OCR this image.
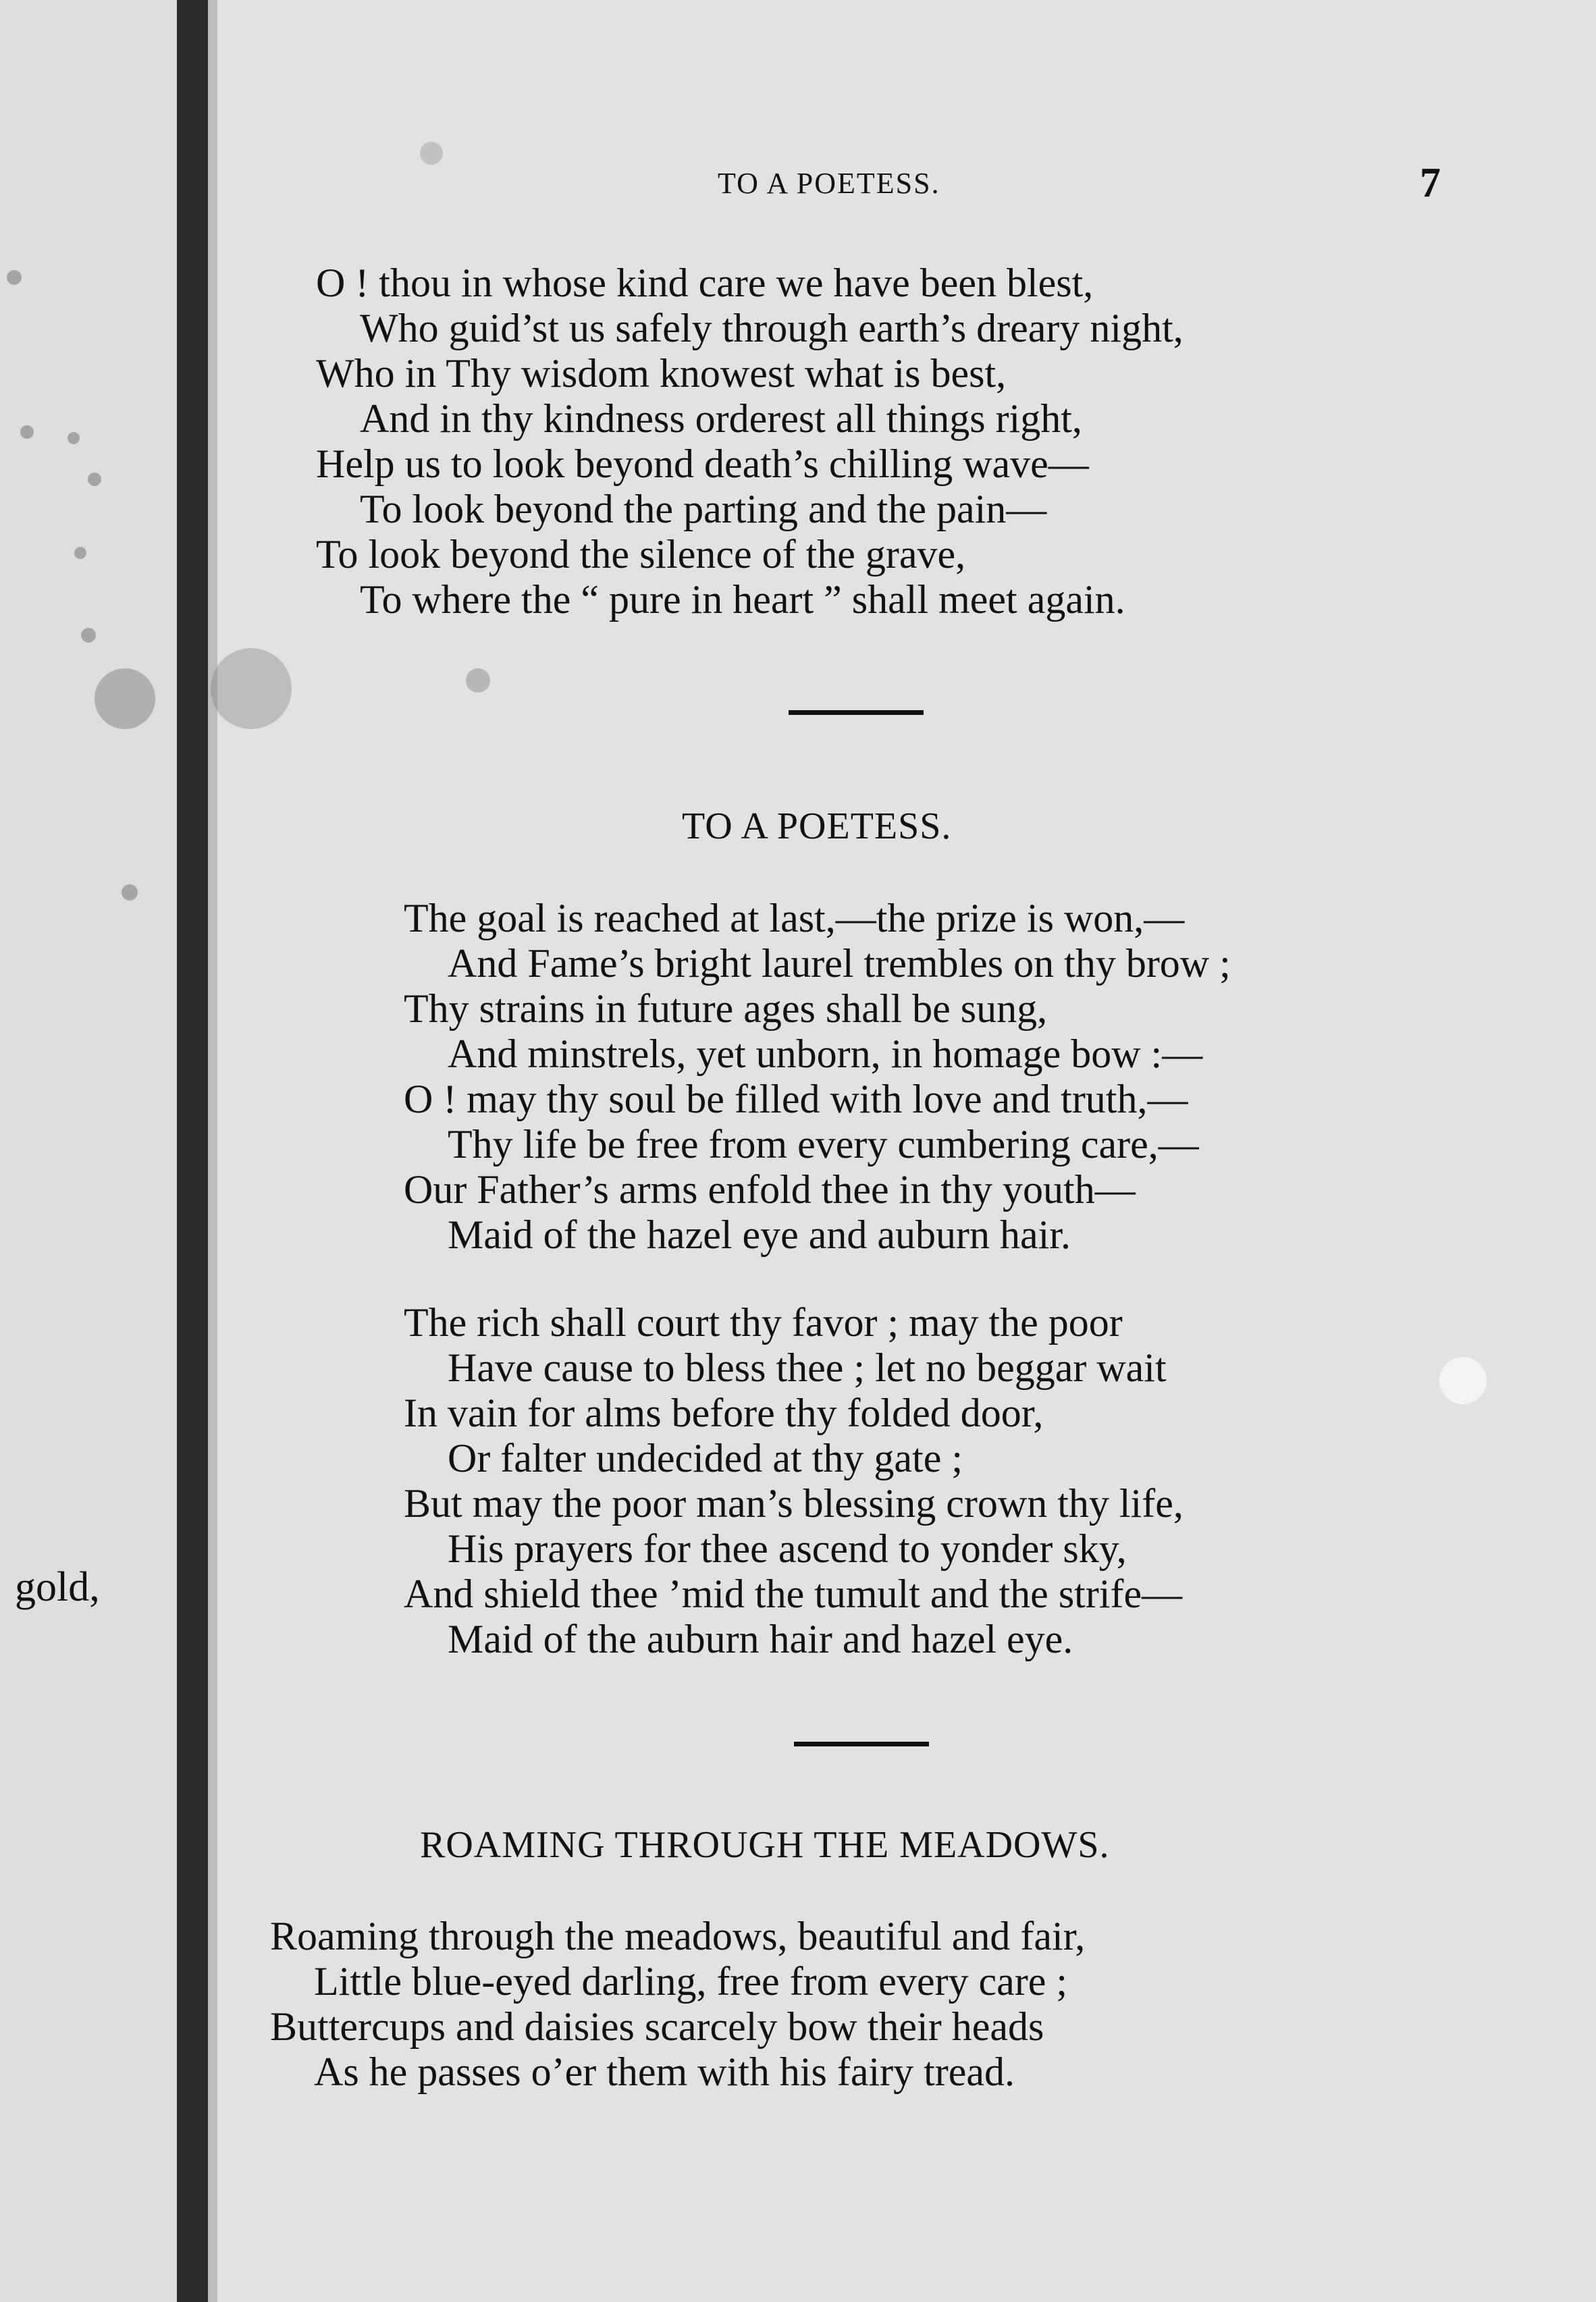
gold,
TO A POETESS.	7
O ! thou in whose kind care we have been blest,
Who guid’st us safely through earth’s dreary night,
Who in Thy wisdom knowest what is best,
And in thy kindness orderest all things right,
Help us to look beyond death’s chilling wave—
To look beyond the parting and the pain—
To look beyond the silence of the grave,
To where the “ pure in heart ” shall meet again.
TO A POETESS.
The goal is reached at last,—the prize is won,—
And Fame’s bright laurel trembles on thy brow ;
Thy strains in future ages shall be sung,
And minstrels, yet unborn, in homage bow :—
O ! may thy soul be filled with love and truth,—
Thy life be free from every cumbering care,—
Our Father’s arms enfold thee in thy youth—
Maid of the hazel eye and auburn hair.
The rich shall court thy favor ; may the poor
Have cause to bless thee ; let no beggar wait
In vain for alms before thy folded door,
Or falter undecided at thy gate ;
But may the poor man’s blessing crown thy life,
His prayers for thee ascend to yonder sky,
And shield thee ’mid the tumult and the strife—
Maid of the auburn hair and hazel eye.
ROAMING THROUGH THE MEADOWS.
Roaming through the meadows, beautiful and fair,
Little blue-eyed darling, free from every care ;
Buttercups and daisies scarcely bow their heads
As he passes o’er them with his fairy tread.
